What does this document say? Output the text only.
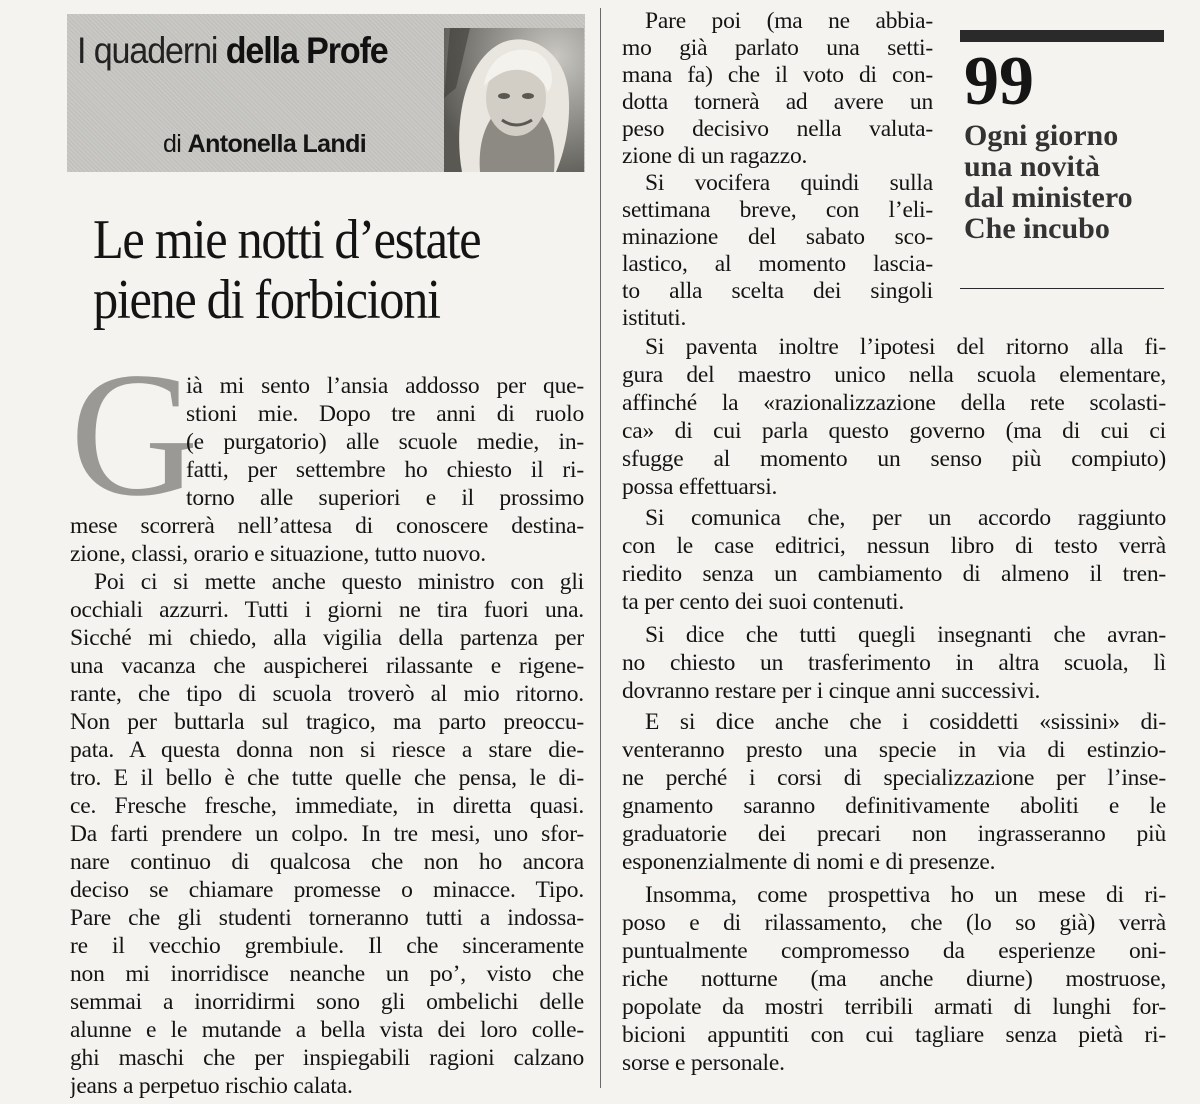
I quaderni della Profe

di Antonella Landi

Le mie notti d’estate
piene di forbicioni
G
ià mi sento l’ansia addosso per que-
stioni mie. Dopo tre anni di ruolo
(e purgatorio) alle scuole medie, in-
fatti, per settembre ho chiesto il ri-
torno alle superiori e il prossimo
mese scorrerà nell’attesa di conoscere destina-
zione, classi, orario e situazione, tutto nuovo.
Poi ci si mette anche questo ministro con gli
occhiali azzurri. Tutti i giorni ne tira fuori una.
Sicché mi chiedo, alla vigilia della partenza per
una vacanza che auspicherei rilassante e rigene-
rante, che tipo di scuola troverò al mio ritorno.
Non per buttarla sul tragico, ma parto preoccu-
pata. A questa donna non si riesce a stare die-
tro. E il bello è che tutte quelle che pensa, le di-
ce. Fresche fresche, immediate, in diretta quasi.
Da farti prendere un colpo. In tre mesi, uno sfor-
nare continuo di qualcosa che non ho ancora
deciso se chiamare promesse o minacce. Tipo.
Pare che gli studenti torneranno tutti a indossa-
re il vecchio grembiule. Il che sinceramente
non mi inorridisce neanche un po’, visto che
semmai a inorridirmi sono gli ombelichi delle
alunne e le mutande a bella vista dei loro colle-
ghi maschi che per inspiegabili ragioni calzano
jeans a perpetuo rischio calata.
99

Ogni giorno
una novità
dal ministero
Che incubo

Pare poi (ma ne abbia-
mo già parlato una setti-
mana fa) che il voto di con-
dotta tornerà ad avere un
peso decisivo nella valuta-
zione di un ragazzo.
Si vocifera quindi sulla
settimana breve, con l’eli-
minazione del sabato sco-
lastico, al momento lascia-
to alla scelta dei singoli
istituti.
Si paventa inoltre l’ipotesi del ritorno alla fi-
gura del maestro unico nella scuola elementare,
affinché la «razionalizzazione della rete scolasti-
ca» di cui parla questo governo (ma di cui ci
sfugge al momento un senso più compiuto)
possa effettuarsi.
Si comunica che, per un accordo raggiunto
con le case editrici, nessun libro di testo verrà
riedito senza un cambiamento di almeno il tren-
ta per cento dei suoi contenuti.
Si dice che tutti quegli insegnanti che avran-
no chiesto un trasferimento in altra scuola, lì
dovranno restare per i cinque anni successivi.
E si dice anche che i cosiddetti «sissini» di-
venteranno presto una specie in via di estinzio-
ne perché i corsi di specializzazione per l’inse-
gnamento saranno definitivamente aboliti e le
graduatorie dei precari non ingrasseranno più
esponenzialmente di nomi e di presenze.
Insomma, come prospettiva ho un mese di ri-
poso e di rilassamento, che (lo so già) verrà
puntualmente compromesso da esperienze oni-
riche notturne (ma anche diurne) mostruose,
popolate da mostri terribili armati di lunghi for-
bicioni appuntiti con cui tagliare senza pietà ri-
sorse e personale.
